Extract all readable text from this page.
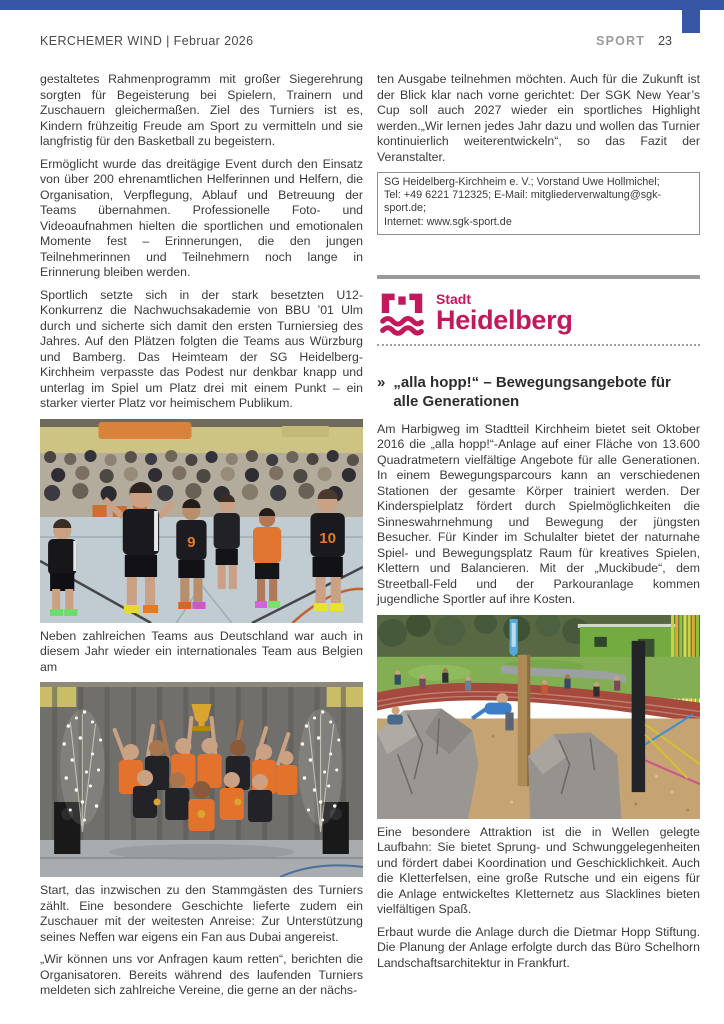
KERCHEMER WIND | Februar 2026	SPORT 23

gestaltetes Rahmenprogramm mit großer Siegerehrung sorgten für Begeisterung bei Spielern, Trainern und Zuschauern gleichermaßen. Ziel des Turniers ist es, Kindern frühzeitig Freude am Sport zu vermitteln und sie langfristig für den Basketball zu begeistern.

Ermöglicht wurde das dreitägige Event durch den Einsatz von über 200 ehrenamtlichen Helferinnen und Helfern, die Organisation, Verpflegung, Ablauf und Betreuung der Teams übernahmen. Professionelle Foto- und Videoaufnahmen hielten die sportlichen und emotionalen Momente fest – Erinnerungen, die den jungen Teilnehmerinnen und Teilnehmern noch lange in Erinnerung bleiben werden.

Sportlich setzte sich in der stark besetzten U12-Konkurrenz die Nachwuchsakademie von BBU ’01 Ulm durch und sicherte sich damit den ersten Turniersieg des Jahres. Auf den Plätzen folgten die Teams aus Würzburg und Bamberg. Das Heimteam der SG Heidelberg-Kirchheim verpasste das Podest nur denkbar knapp und unterlag im Spiel um Platz drei mit einem Punkt – ein starker vierter Platz vor heimischem Publikum.

9	10

Neben zahlreichen Teams aus Deutschland war auch in diesem Jahr wieder ein internationales Team aus Belgien am

Start, das inzwischen zu den Stammgästen des Turniers zählt. Eine besondere Geschichte lieferte zudem ein Zuschauer mit der weitesten Anreise: Zur Unterstützung seines Neffen war eigens ein Fan aus Dubai angereist.

„Wir können uns vor Anfragen kaum retten“, berichten die Organisatoren. Bereits während des laufenden Turniers meldeten sich zahlreiche Vereine, die gerne an der nächs-

ten Ausgabe teilnehmen möchten. Auch für die Zukunft ist der Blick klar nach vorne gerichtet: Der SGK New Year’s Cup soll auch 2027 wieder ein sportliches Highlight werden.„Wir lernen jedes Jahr dazu und wollen das Turnier kontinuierlich weiterentwickeln“, so das Fazit der Veranstalter.

SG Heidelberg-Kirchheim e. V.; Vorstand Uwe Hollmichel;
Tel: +49 6221 712325; E-Mail: mitgliederverwaltung@sgk-sport.de;
Internet: www.sgk-sport.de
Stadt
Heidelberg
» „alla hopp!“ – Bewegungsangebote für alle Generationen

Am Harbigweg im Stadtteil Kirchheim bietet seit Oktober 2016 die „alla hopp!“-Anlage auf einer Fläche von 13.600 Quadratmetern vielfältige Angebote für alle Generationen. In einem Bewegungsparcours kann an verschiedenen Stationen der gesamte Körper trainiert werden. Der Kinderspielplatz fördert durch Spielmöglichkeiten die Sinneswahrnehmung und Bewegung der jüngsten Besucher. Für Kinder im Schulalter bietet der naturnahe Spiel- und Bewegungsplatz Raum für kreatives Spielen, Klettern und Balancieren. Mit der „Muckibude“, dem Streetball-Feld und der Parkouranlage kommen jugendliche Sportler auf ihre Kosten.

Eine besondere Attraktion ist die in Wellen gelegte Laufbahn: Sie bietet Sprung- und Schwunggelegenheiten und fördert dabei Koordination und Geschicklichkeit. Auch die Kletterfelsen, eine große Rutsche und ein eigens für die Anlage entwickeltes Kletternetz aus Slacklines bieten vielfältigen Spaß.

Erbaut wurde die Anlage durch die Dietmar Hopp Stiftung. Die Planung der Anlage erfolgte durch das Büro Schelhorn Landschaftsarchitektur in Frankfurt.
